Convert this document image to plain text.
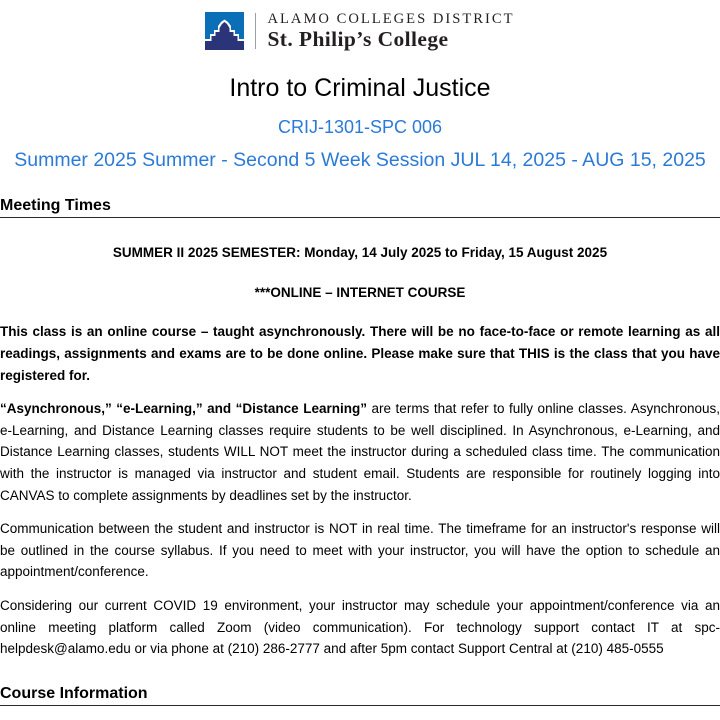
ALAMO COLLEGES DISTRICT
St. Philip’s College
Intro to Criminal Justice
CRIJ-1301-SPC 006
Summer 2025 Summer - Second 5 Week Session JUL 14, 2025 - AUG 15, 2025
Meeting Times
SUMMER II 2025 SEMESTER: Monday, 14 July 2025 to Friday, 15 August 2025
***ONLINE – INTERNET COURSE

This class is an online course – taught asynchronously. There will be no face-to-face or remote learning as all readings, assignments and exams are to be done online. Please make sure that THIS is the class that you have registered for.

“Asynchronous,” “e-Learning,” and “Distance Learning” are terms that refer to fully online classes. Asynchronous, e-Learning, and Distance Learning classes require students to be well disciplined. In Asynchronous, e-Learning, and Distance Learning classes, students WILL NOT meet the instructor during a scheduled class time. The communication with the instructor is managed via instructor and student email. Students are responsible for routinely logging into CANVAS to complete assignments by deadlines set by the instructor.

Communication between the student and instructor is NOT in real time. The timeframe for an instructor's response will be outlined in the course syllabus. If you need to meet with your instructor, you will have the option to schedule an appointment/conference.

Considering our current COVID 19 environment, your instructor may schedule your appointment/conference via an online meeting platform called Zoom (video communication). For technology support contact IT at spc-helpdesk@alamo.edu or via phone at (210) 286-2777 and after 5pm contact Support Central at (210) 485-0555

Course Information
